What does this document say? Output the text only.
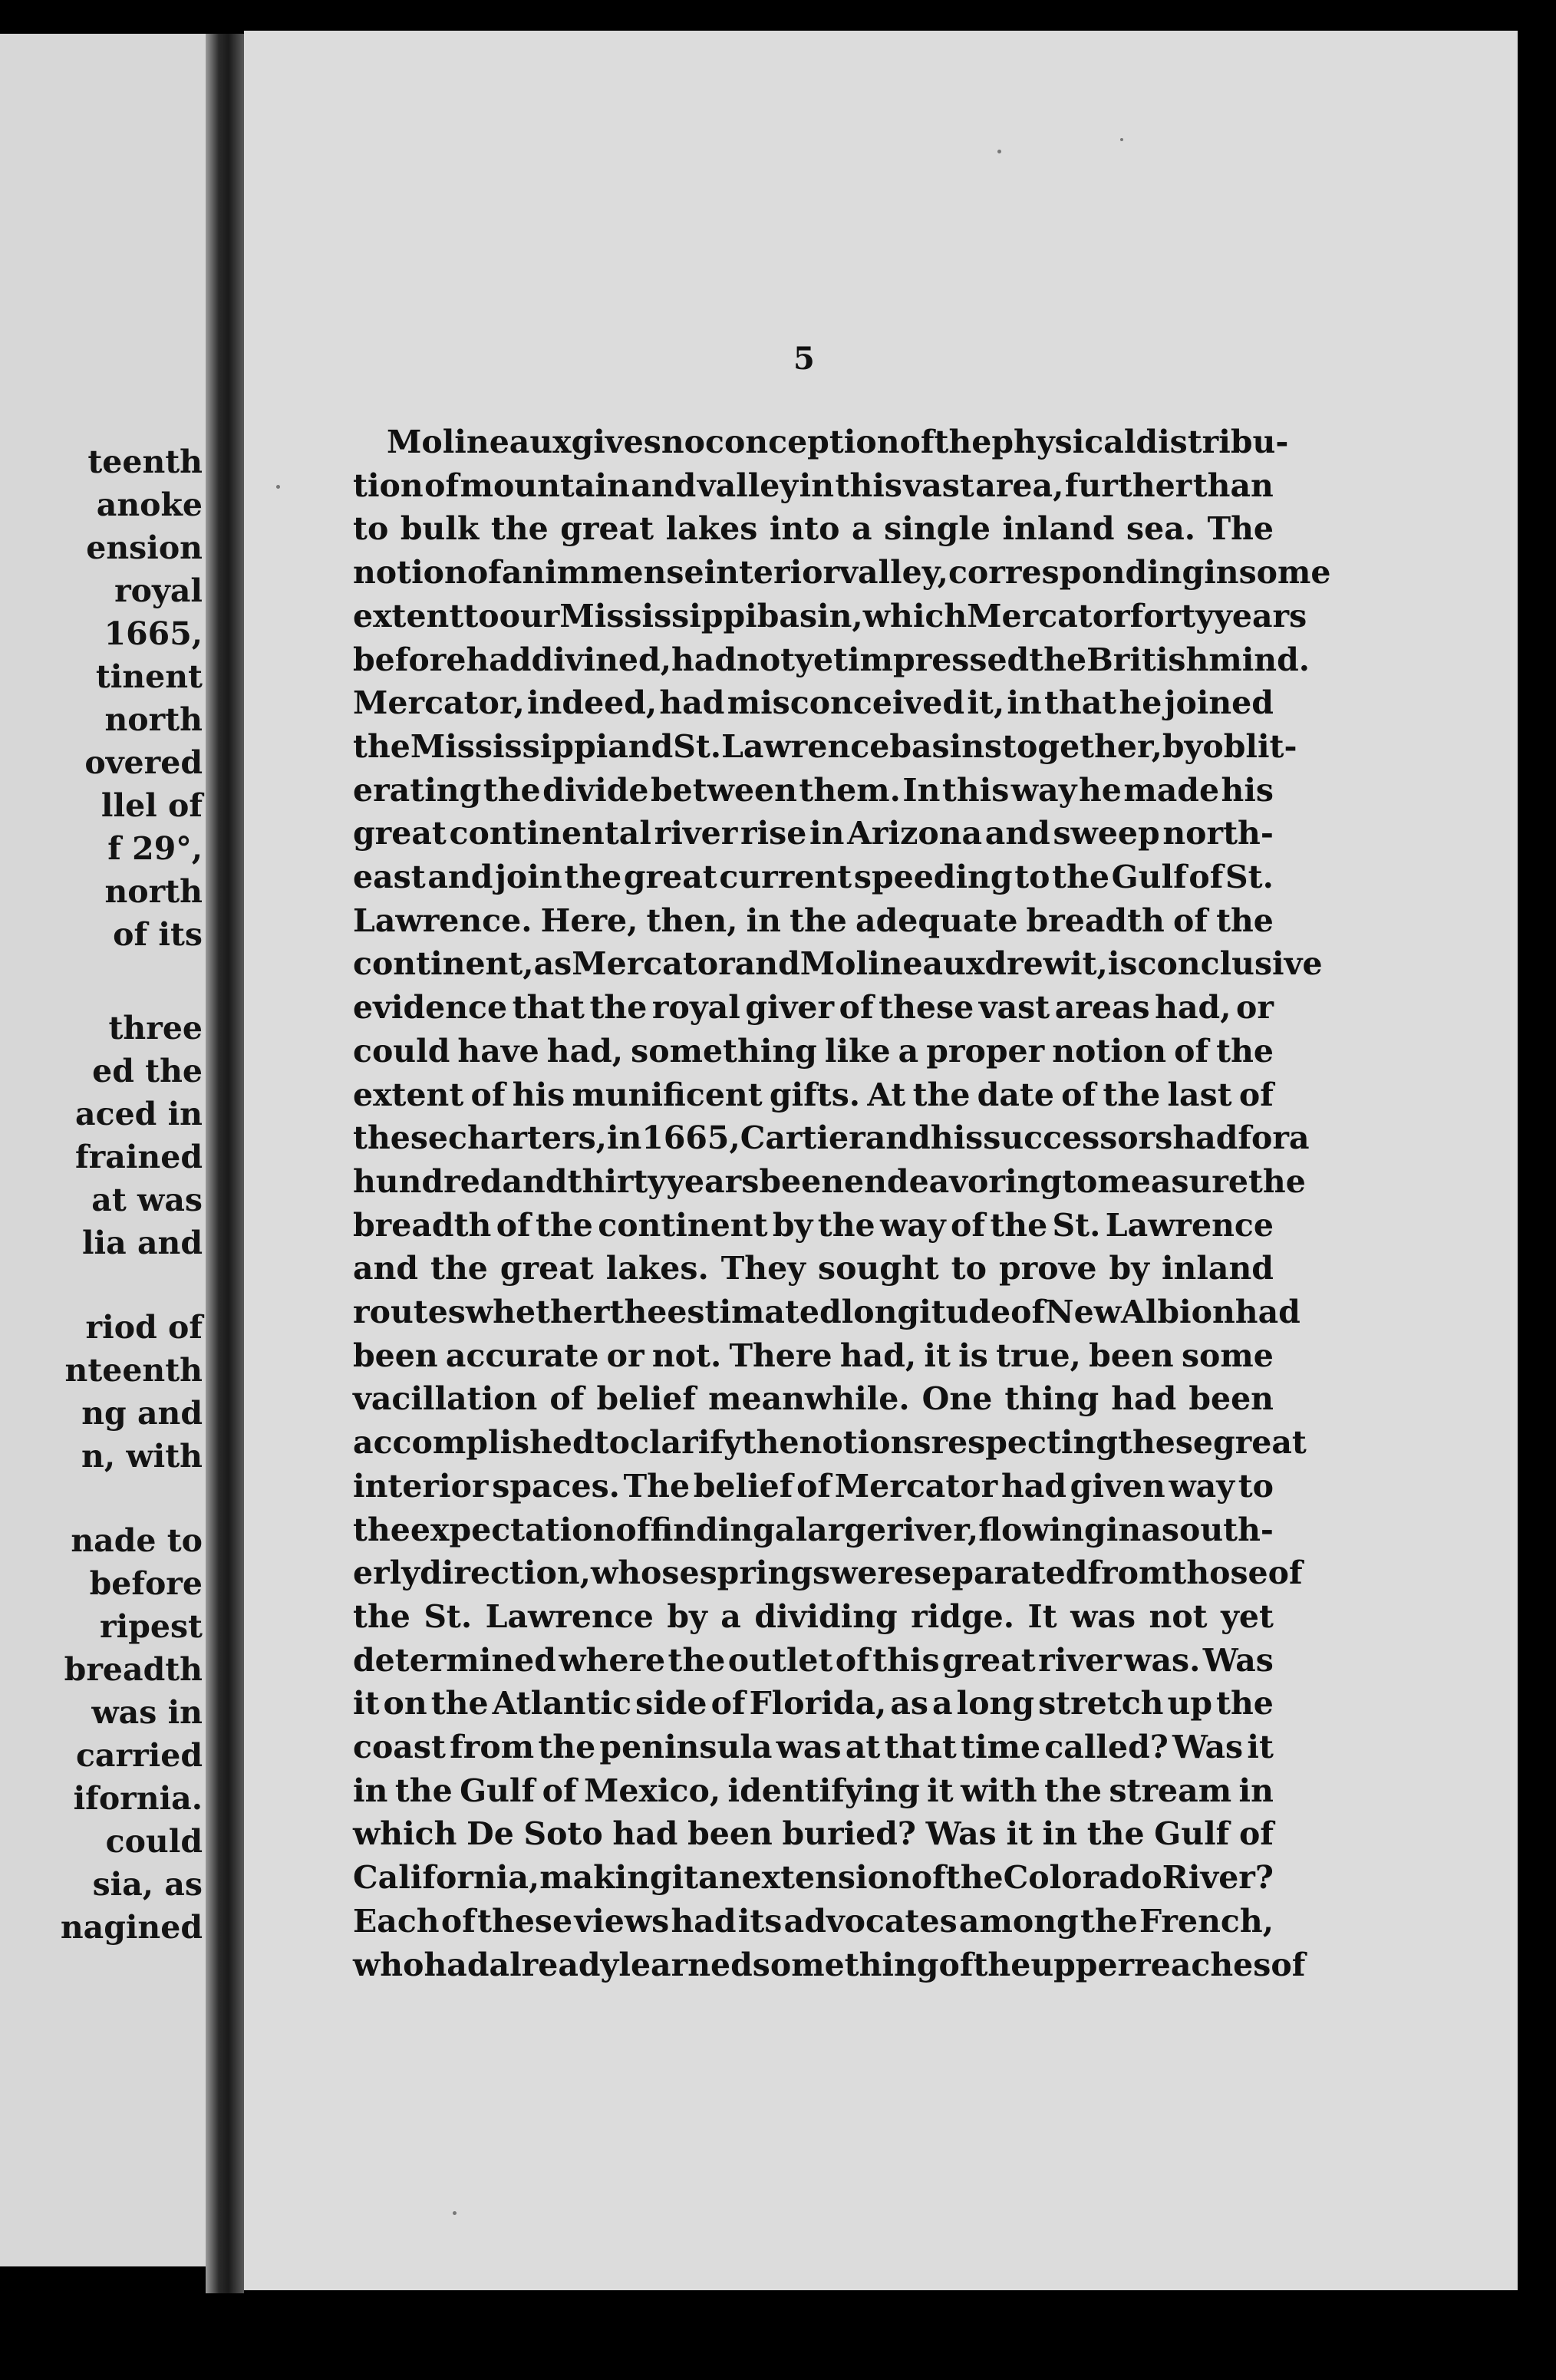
teenth
anoke
ension
royal
1665,
tinent
north
overed
llel of
f 29°,
north
of its
three
ed the
aced in
frained
at was
lia and
riod of
nteenth
ng and
n, with
nade to
before
ripest
breadth
was in
carried
ifornia.
could
sia, as
nagined
5
Molineaux gives no conception of the physical distribu-
tion of mountain and valley in this vast area, further than
to bulk the great lakes into a single inland sea. The
notion of an immense interior valley, corresponding in some
extent to our Mississippi basin, which Mercator forty years
before had divined, had not yet impressed the British mind.
Mercator, indeed, had misconceived it, in that he joined
the Mississippi and St. Lawrence basins together, by oblit-
erating the divide between them. In this way he made his
great continental river rise in Arizona and sweep north-
east and join the great current speeding to the Gulf of St.
Lawrence. Here, then, in the adequate breadth of the
continent, as Mercator and Molineaux drew it, is conclusive
evidence that the royal giver of these vast areas had, or
could have had, something like a proper notion of the
extent of his munificent gifts. At the date of the last of
these charters, in 1665, Cartier and his successors had for a
hundred and thirty years been endeavoring to measure the
breadth of the continent by the way of the St. Lawrence
and the great lakes. They sought to prove by inland
routes whether the estimated longitude of New Albion had
been accurate or not. There had, it is true, been some
vacillation of belief meanwhile. One thing had been
accomplished to clarify the notions respecting these great
interior spaces. The belief of Mercator had given way to
the expectation of finding a large river, flowing in a south-
erly direction, whose springs were separated from those of
the St. Lawrence by a dividing ridge. It was not yet
determined where the outlet of this great river was. Was
it on the Atlantic side of Florida, as a long stretch up the
coast from the peninsula was at that time called? Was it
in the Gulf of Mexico, identifying it with the stream in
which De Soto had been buried? Was it in the Gulf of
California, making it an extension of the Colorado River?
Each of these views had its advocates among the French,
who had already learned something of the upper reaches of
